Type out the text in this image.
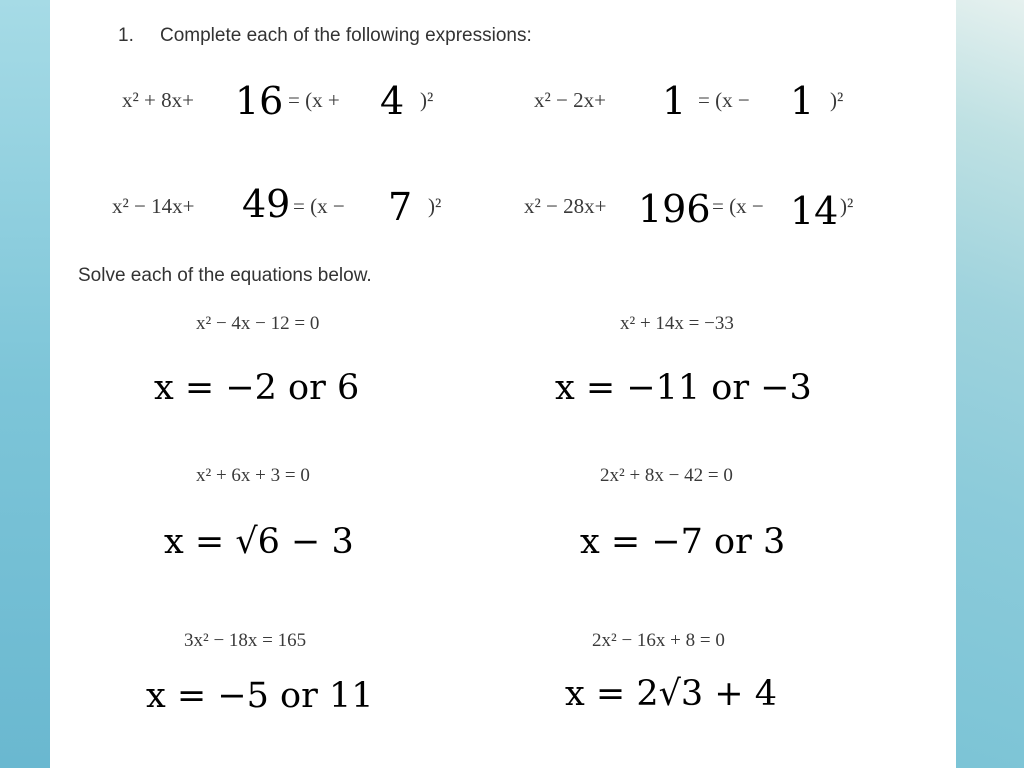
1. Complete each of the following expressions:
x² + 8x+ 16 = (x + 4 )²	x² − 2x+ 1 = (x − 1 )²
x² − 14x+ 49 = (x − 7 )²	x² − 28x+ 196 = (x − 14 )²
Solve each of the equations below.
x² − 4x − 12 = 0
x = −2 or 6
x² + 14x = −33
x = −11 or −3
x² + 6x + 3 = 0
x = √6 − 3
2x² + 8x − 42 = 0
x = −7 or 3
3x² − 18x = 165
x = −5 or 11
2x² − 16x + 8 = 0
x = 2√3 + 4
